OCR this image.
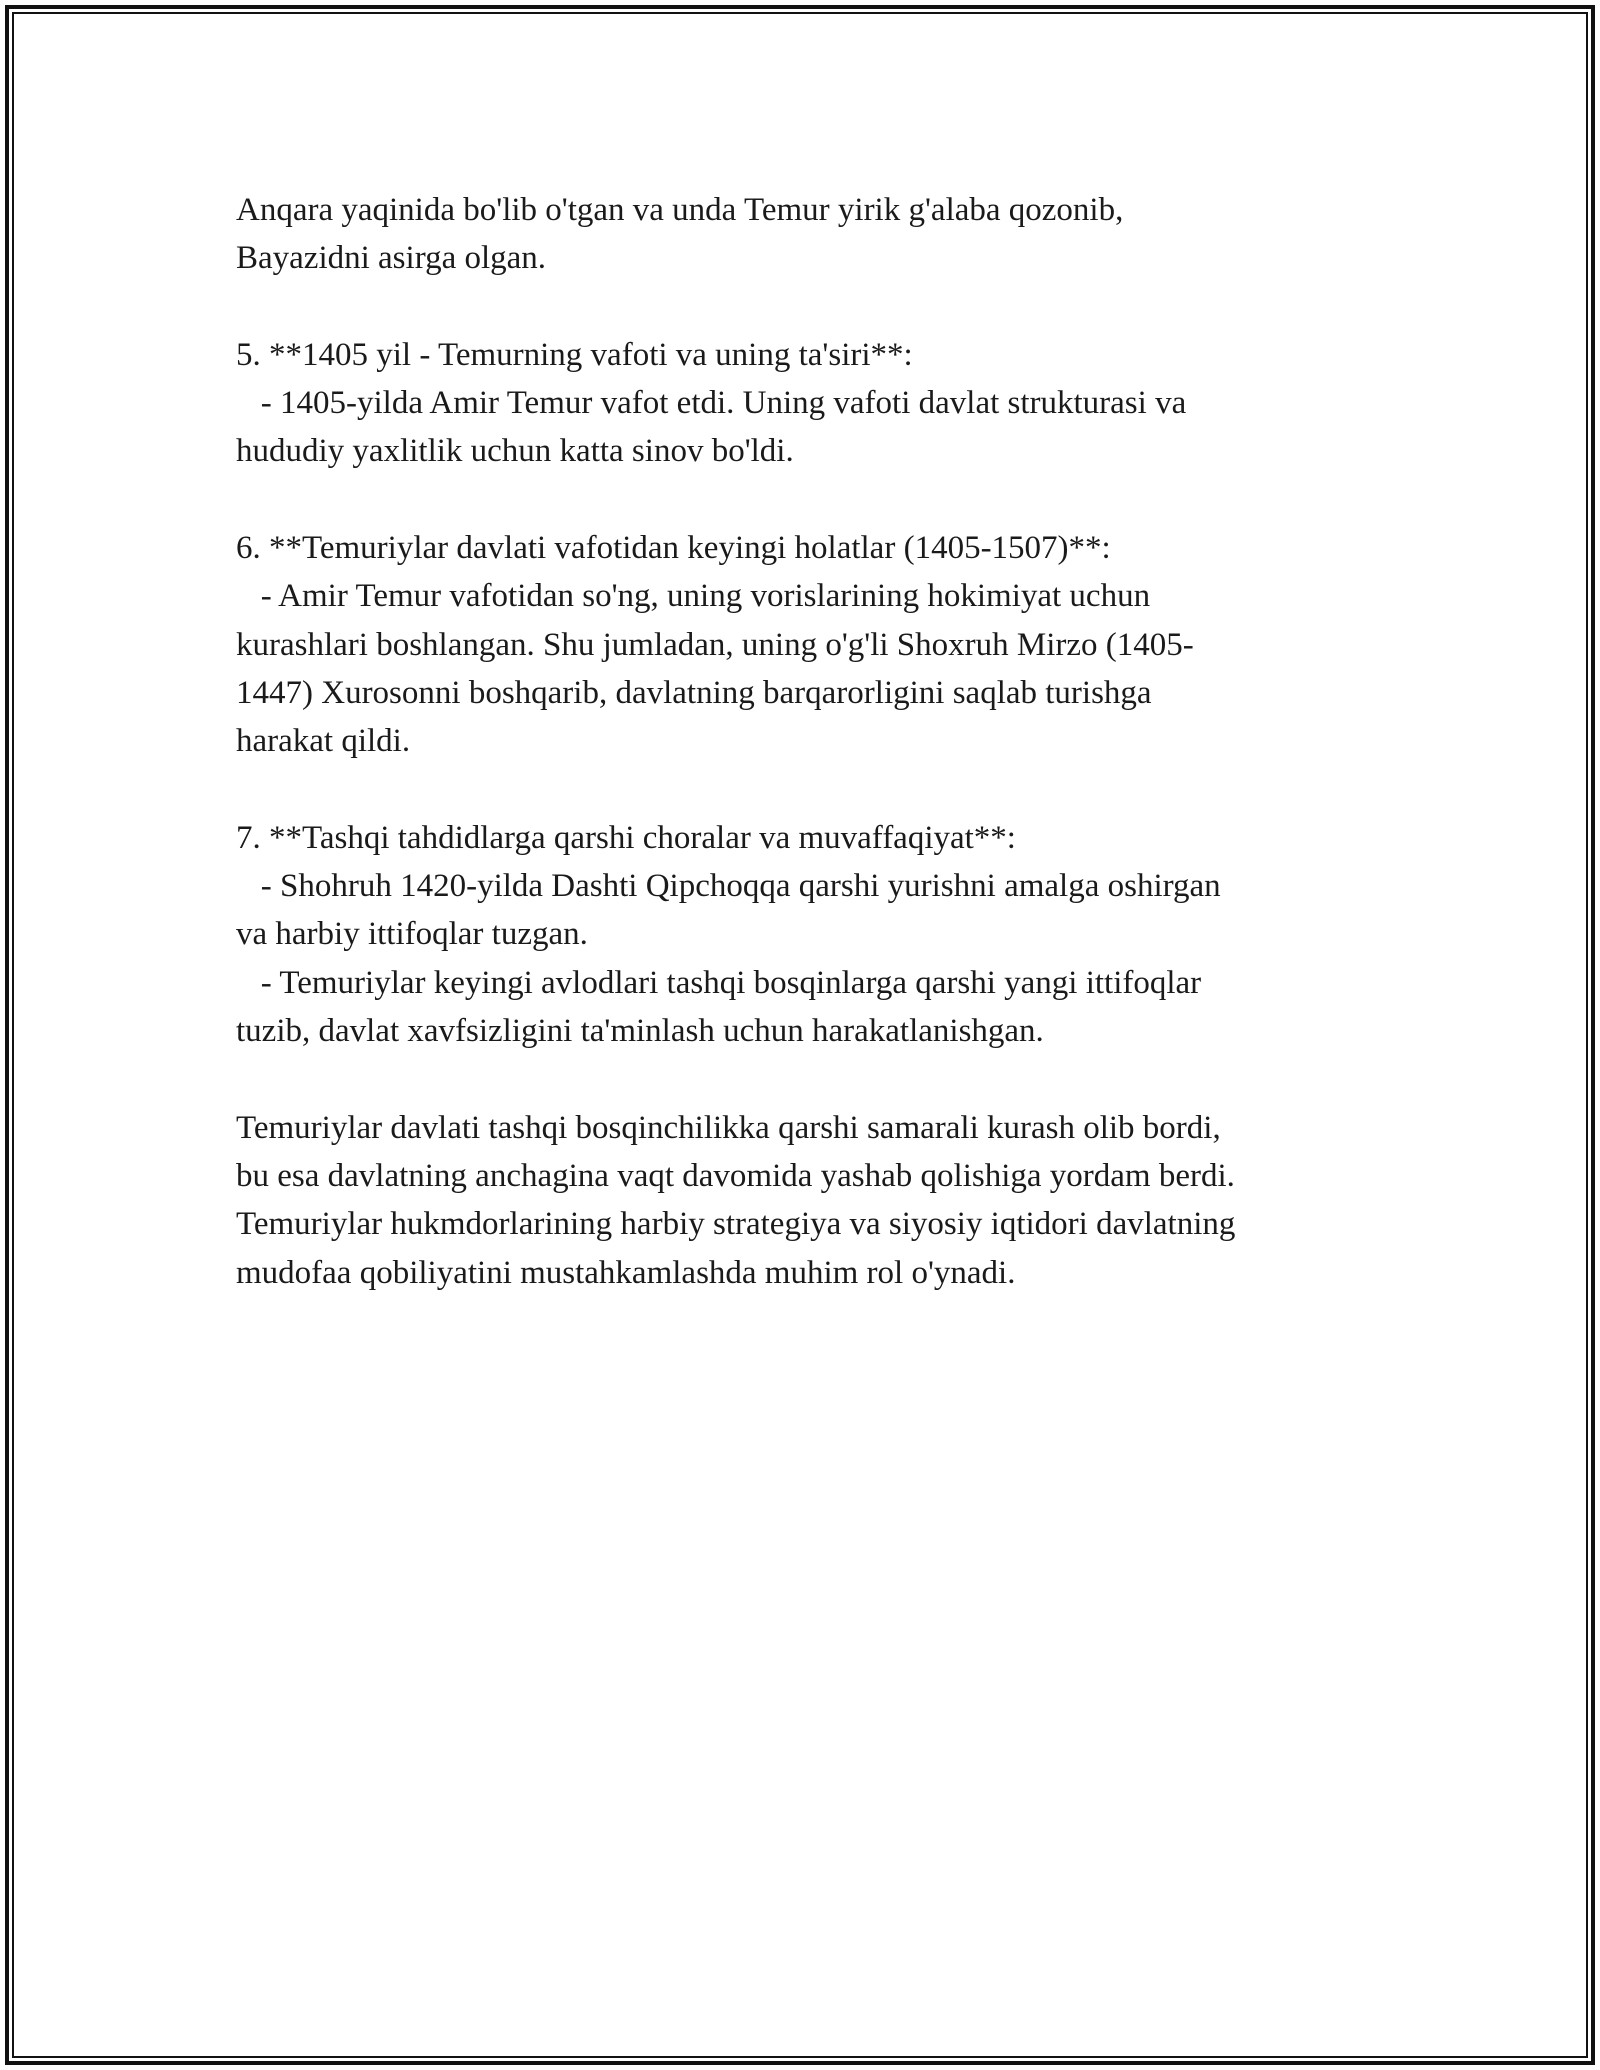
Anqara yaqinida bo'lib o'tgan va unda Temur yirik g'alaba qozonib,
Bayazidni asirga olgan.
5. **1405 yil - Temurning vafoti va uning ta'siri**:
- 1405-yilda Amir Temur vafot etdi. Uning vafoti davlat strukturasi va
hududiy yaxlitlik uchun katta sinov bo'ldi.
6. **Temuriylar davlati vafotidan keyingi holatlar (1405-1507)**:
- Amir Temur vafotidan so'ng, uning vorislarining hokimiyat uchun
kurashlari boshlangan. Shu jumladan, uning o'g'li Shoxruh Mirzo (1405-
1447) Xurosonni boshqarib, davlatning barqarorligini saqlab turishga
harakat qildi.
7. **Tashqi tahdidlarga qarshi choralar va muvaffaqiyat**:
- Shohruh 1420-yilda Dashti Qipchoqqa qarshi yurishni amalga oshirgan
va harbiy ittifoqlar tuzgan.
- Temuriylar keyingi avlodlari tashqi bosqinlarga qarshi yangi ittifoqlar
tuzib, davlat xavfsizligini ta'minlash uchun harakatlanishgan.
Temuriylar davlati tashqi bosqinchilikka qarshi samarali kurash olib bordi,
bu esa davlatning anchagina vaqt davomida yashab qolishiga yordam berdi.
Temuriylar hukmdorlarining harbiy strategiya va siyosiy iqtidori davlatning
mudofaa qobiliyatini mustahkamlashda muhim rol o'ynadi.
